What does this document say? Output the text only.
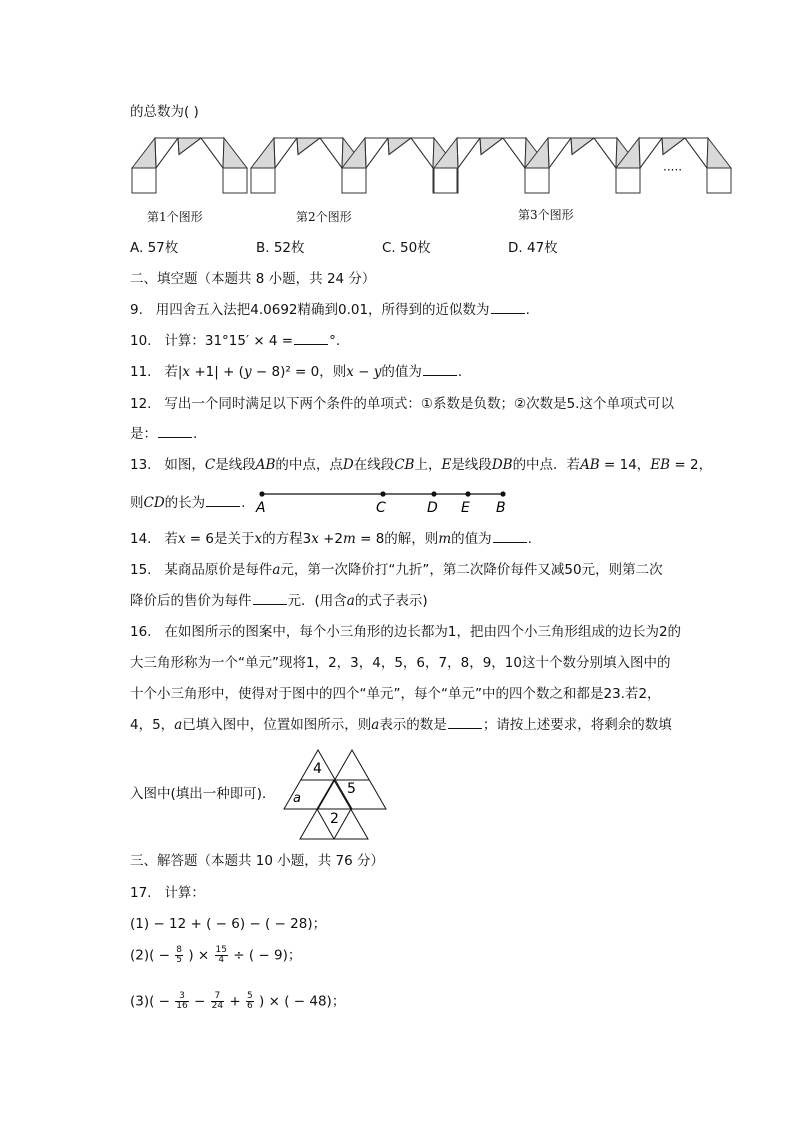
的总数为( )
第1个图形	第2个图形	第3个图形
·····
A. 57枚	B. 52枚	C. 50枚	D. 47枚
二、填空题（本题共 8 小题，共 24 分）
9. 用四舍五入法把4.0692精确到0.01，所得到的近似数为	.
10. 计算：31°15′ × 4 =	°.
11. 若|x +1| + (y − 8)² = 0，则x − y的值为	.
12. 写出一个同时满足以下两个条件的单项式：①系数是负数；②次数是5.这个单项式可以
是：	.
13. 如图，C是线段AB的中点，点D在线段CB上，E是线段DB的中点．若AB = 14，EB = 2，
则CD的长为	. A	C	D E B
14. 若x = 6是关于x的方程3x +2m = 8的解，则m的值为	.
15. 某商品原价是每件a元，第一次降价打“九折”，第二次降价每件又减50元，则第二次
降价后的售价为每件	元．(用含a的式子表示)
16. 在如图所示的图案中，每个小三角形的边长都为1，把由四个小三角形组成的边长为2的
大三角形称为一个“单元”现将1，2，3，4，5，6，7，8，9，10这十个数分别填入图中的
十个小三角形中，使得对于图中的四个“单元”，每个“单元”中的四个数之和都是23.若2，
4，5，a已填入图中，位置如图所示，则a表示的数是	；请按上述要求，将剩余的数填
入图中(填出一种即可)．
4
a
5
2
三、解答题（本题共 10 小题，共 76 分）
17. 计算：
(1) − 12 + ( − 6) − ( − 28)；
$(2)( - \frac{8}{5}$ ) × $\frac{15}{4}$ ÷ ( − 9)；
$(3)( - \frac{3}{16} - \frac{7}{24} + \frac{5}{6}$ ) × ( − 48)；
